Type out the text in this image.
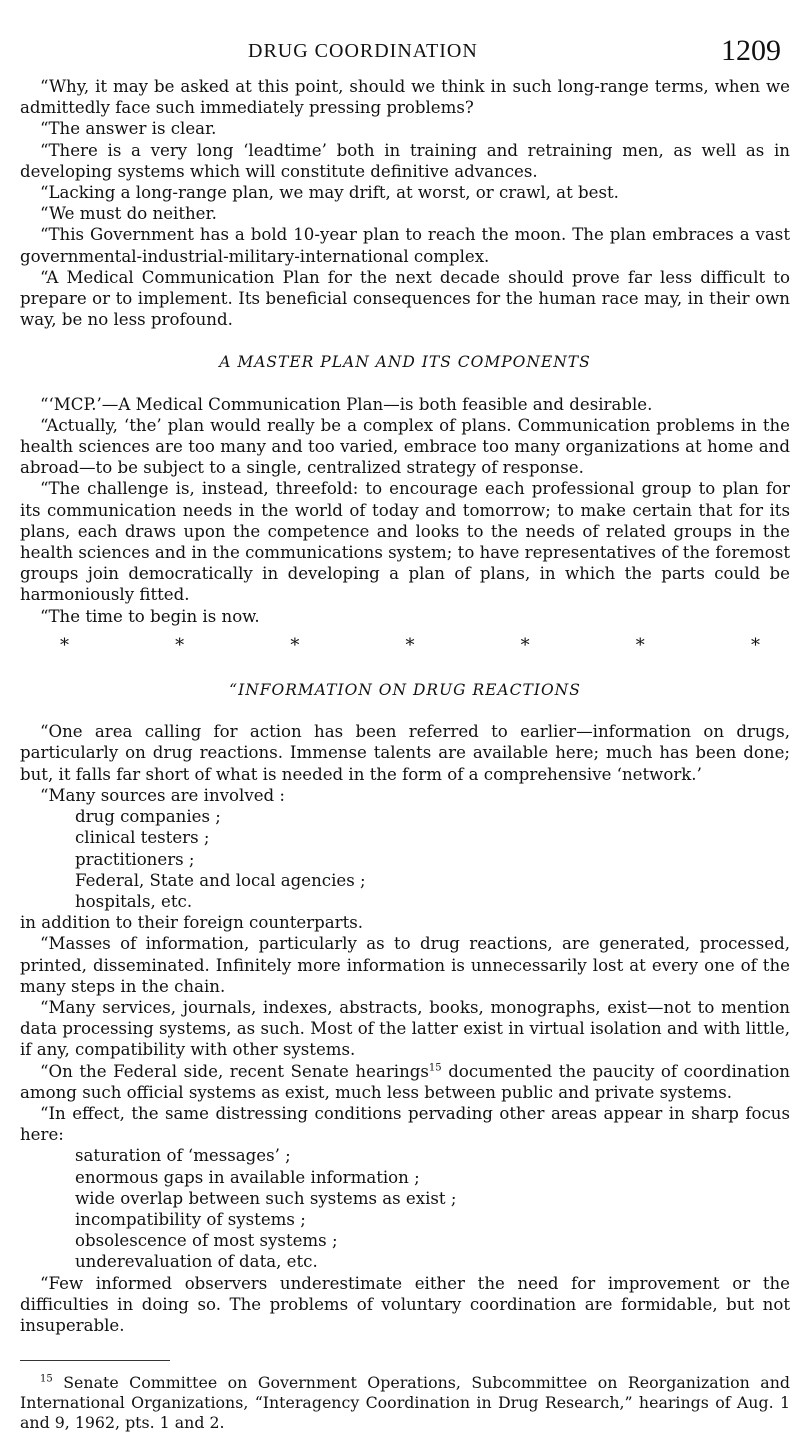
DRUG COORDINATION	1209

“Why, it may be asked at this point, should we think in such long-range terms, when we admittedly face such immediately pressing problems?

“The answer is clear.

“There is a very long ‘leadtime’ both in training and retraining men, as well as in developing systems which will constitute definitive advances.

“Lacking a long-range plan, we may drift, at worst, or crawl, at best.

“We must do neither.

“This Government has a bold 10-year plan to reach the moon. The plan embraces a vast governmental-industrial-military-international complex.

“A Medical Communication Plan for the next decade should prove far less difficult to prepare or to implement. Its beneficial consequences for the human race may, in their own way, be no less profound.

A MASTER PLAN AND ITS COMPONENTS

“‘MCP.’—A Medical Communication Plan—is both feasible and desirable.

“Actually, ‘the’ plan would really be a complex of plans. Communication problems in the health sciences are too many and too varied, embrace too many organizations at home and abroad—to be subject to a single, centralized strategy of response.

“The challenge is, instead, threefold: to encourage each professional group to plan for its communication needs in the world of today and tomorrow; to make certain that for its plans, each draws upon the competence and looks to the needs of related groups in the health sciences and in the communications system; to have representatives of the foremost groups join democratically in developing a plan of plans, in which the parts could be harmoniously fitted.

“The time to begin is now.

*	*	*	*	*	*	*
“INFORMATION ON DRUG REACTIONS

“One area calling for action has been referred to earlier—information on drugs, particularly on drug reactions. Immense talents are available here; much has been done; but, it falls far short of what is needed in the form of a comprehensive ‘network.’

“Many sources are involved :

drug companies ;
clinical testers ;
practitioners ;
Federal, State and local agencies ;
hospitals, etc.

in addition to their foreign counterparts.

“Masses of information, particularly as to drug reactions, are generated, processed, printed, disseminated. Infinitely more information is unnecessarily lost at every one of the many steps in the chain.

“Many services, journals, indexes, abstracts, books, monographs, exist—not to mention data processing systems, as such. Most of the latter exist in virtual isolation and with little, if any, compatibility with other systems.

“On the Federal side, recent Senate hearings$^{15}$ documented the paucity of coordination among such official systems as exist, much less between public and private systems.

“In effect, the same distressing conditions pervading other areas appear in sharp focus here:

saturation of ‘messages’ ;
enormous gaps in available information ;
wide overlap between such systems as exist ;
incompatibility of systems ;
obsolescence of most systems ;
underevaluation of data, etc.

“Few informed observers underestimate either the need for improvement or the difficulties in doing so. The problems of voluntary coordination are formidable, but not insuperable.

$^{15}$ Senate Committee on Government Operations, Subcommittee on Reorganization and International Organizations, “Interagency Coordination in Drug Research,” hearings of Aug. 1 and 9, 1962, pts. 1 and 2.
